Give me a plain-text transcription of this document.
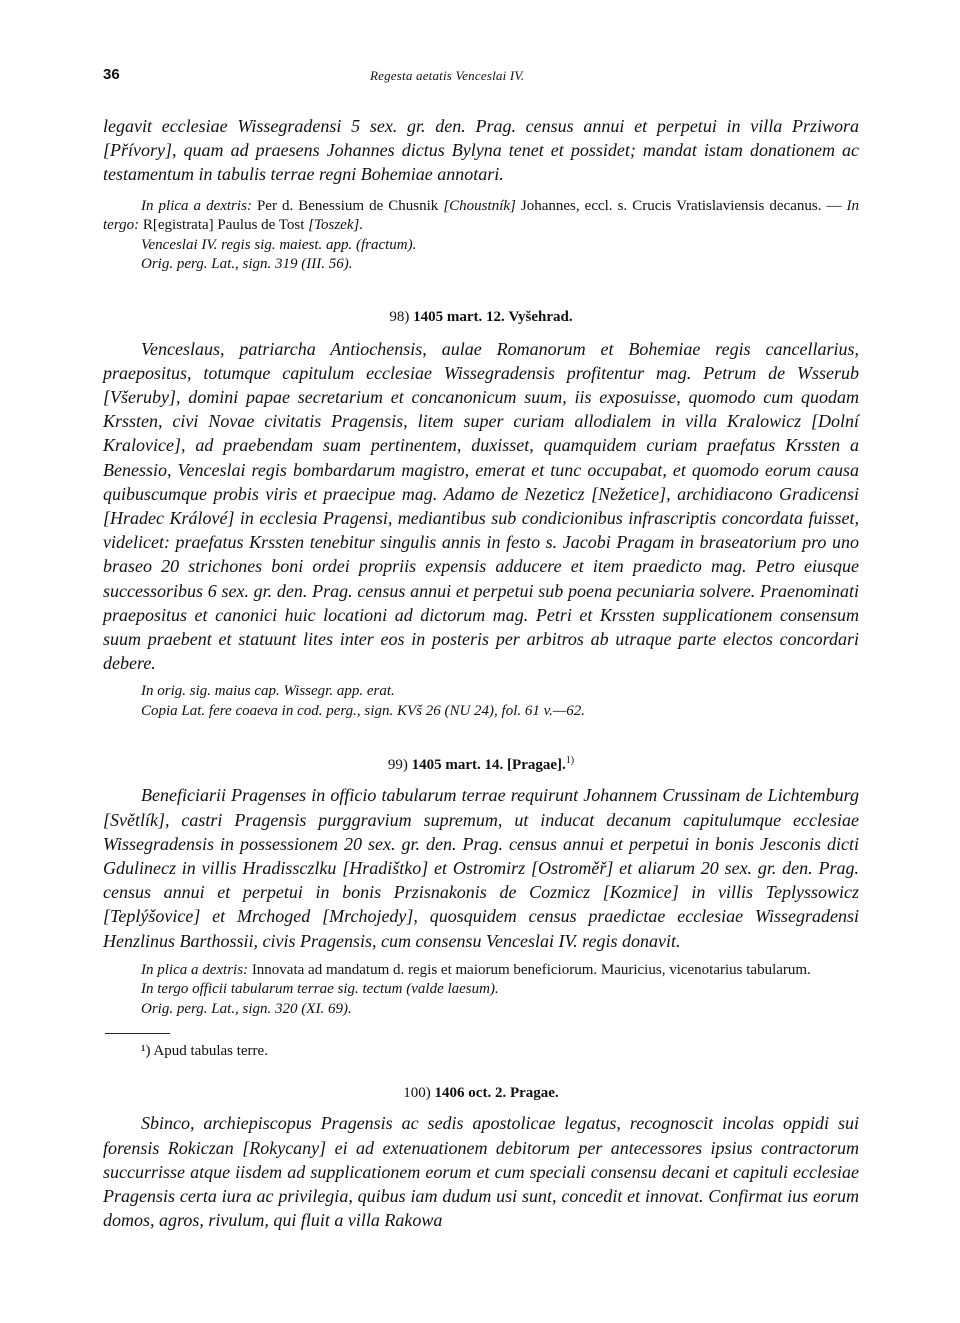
36	Regesta aetatis Venceslai IV.

legavit ecclesiae Wissegradensi 5 sex. gr. den. Prag. census annui et perpetui in villa Prziwora [Přívory], quam ad praesens Johannes dictus Bylyna tenet et possidet; mandat istam donationem ac testamentum in tabulis terrae regni Bohemiae annotari.

In plica a dextris: Per d. Benessium de Chusnik [Choustník] Johannes, eccl. s. Crucis Vratislaviensis decanus. — In tergo: R[egistrata] Paulus de Tost [Toszek].

Venceslai IV. regis sig. maiest. app. (fractum).

Orig. perg. Lat., sign. 319 (III. 56).

98) 1405 mart. 12. Vyšehrad.

Venceslaus, patriarcha Antiochensis, aulae Romanorum et Bohemiae regis cancellarius, praepositus, totumque capitulum ecclesiae Wissegradensis profitentur mag. Petrum de Wsserub [Všeruby], domini papae secretarium et concanonicum suum, iis exposuisse, quomodo cum quodam Krssten, civi Novae civitatis Pragensis, litem super curiam allodialem in villa Kralowicz [Dolní Kralovice], ad praebendam suam pertinentem, duxisset, quamquidem curiam praefatus Krssten a Benessio, Venceslai regis bombardarum magistro, emerat et tunc occupabat, et quomodo eorum causa quibuscumque probis viris et praecipue mag. Adamo de Nezeticz [Nežetice], archidiacono Gradicensi [Hradec Králové] in ecclesia Pragensi, mediantibus sub condicionibus infrascriptis concordata fuisset, videlicet: praefatus Krssten tenebitur singulis annis in festo s. Jacobi Pragam in braseatorium pro uno braseo 20 strichones boni ordei propriis expensis adducere et item praedicto mag. Petro eiusque successoribus 6 sex. gr. den. Prag. census annui et perpetui sub poena pecuniaria solvere. Praenominati praepositus et canonici huic locationi ad dictorum mag. Petri et Krssten supplicationem consensum suum praebent et statuunt lites inter eos in posteris per arbitros ab utraque parte electos concordari debere.

In orig. sig. maius cap. Wissegr. app. erat.

Copia Lat. fere coaeva in cod. perg., sign. KVš 26 (NU 24), fol. 61 v.—62.

99) 1405 mart. 14. [Pragae].$^{1)}$

Beneficiarii Pragenses in officio tabularum terrae requirunt Johannem Crussinam de Lichtemburg [Světlík], castri Pragensis purggravium supremum, ut inducat decanum capitulumque ecclesiae Wissegradensis in possessionem 20 sex. gr. den. Prag. census annui et perpetui in bonis Jesconis dicti Gdulinecz in villis Hradissczlku [Hradištko] et Ostromirz [Ostroměř] et aliarum 20 sex. gr. den. Prag. census annui et perpetui in bonis Przisnakonis de Cozmicz [Kozmice] in villis Teplyssowicz [Teplýšovice] et Mrchoged [Mrchojedy], quosquidem census praedictae ecclesiae Wissegradensi Henzlinus Barthossii, civis Pragensis, cum consensu Venceslai IV. regis donavit.

In plica a dextris: Innovata ad mandatum d. regis et maiorum beneficiorum. Mauricius, vicenotarius tabularum.

In tergo officii tabularum terrae sig. tectum (valde laesum).

Orig. perg. Lat., sign. 320 (XI. 69).

¹) Apud tabulas terre.

100) 1406 oct. 2. Pragae.

Sbinco, archiepiscopus Pragensis ac sedis apostolicae legatus, recognoscit incolas oppidi sui forensis Rokiczan [Rokycany] ei ad extenuationem debitorum per antecessores ipsius contractorum succurrisse atque iisdem ad supplicationem eorum et cum speciali consensu decani et capituli ecclesiae Pragensis certa iura ac privilegia, quibus iam dudum usi sunt, concedit et innovat. Confirmat ius eorum domos, agros, rivulum, qui fluit a villa Rakowa
